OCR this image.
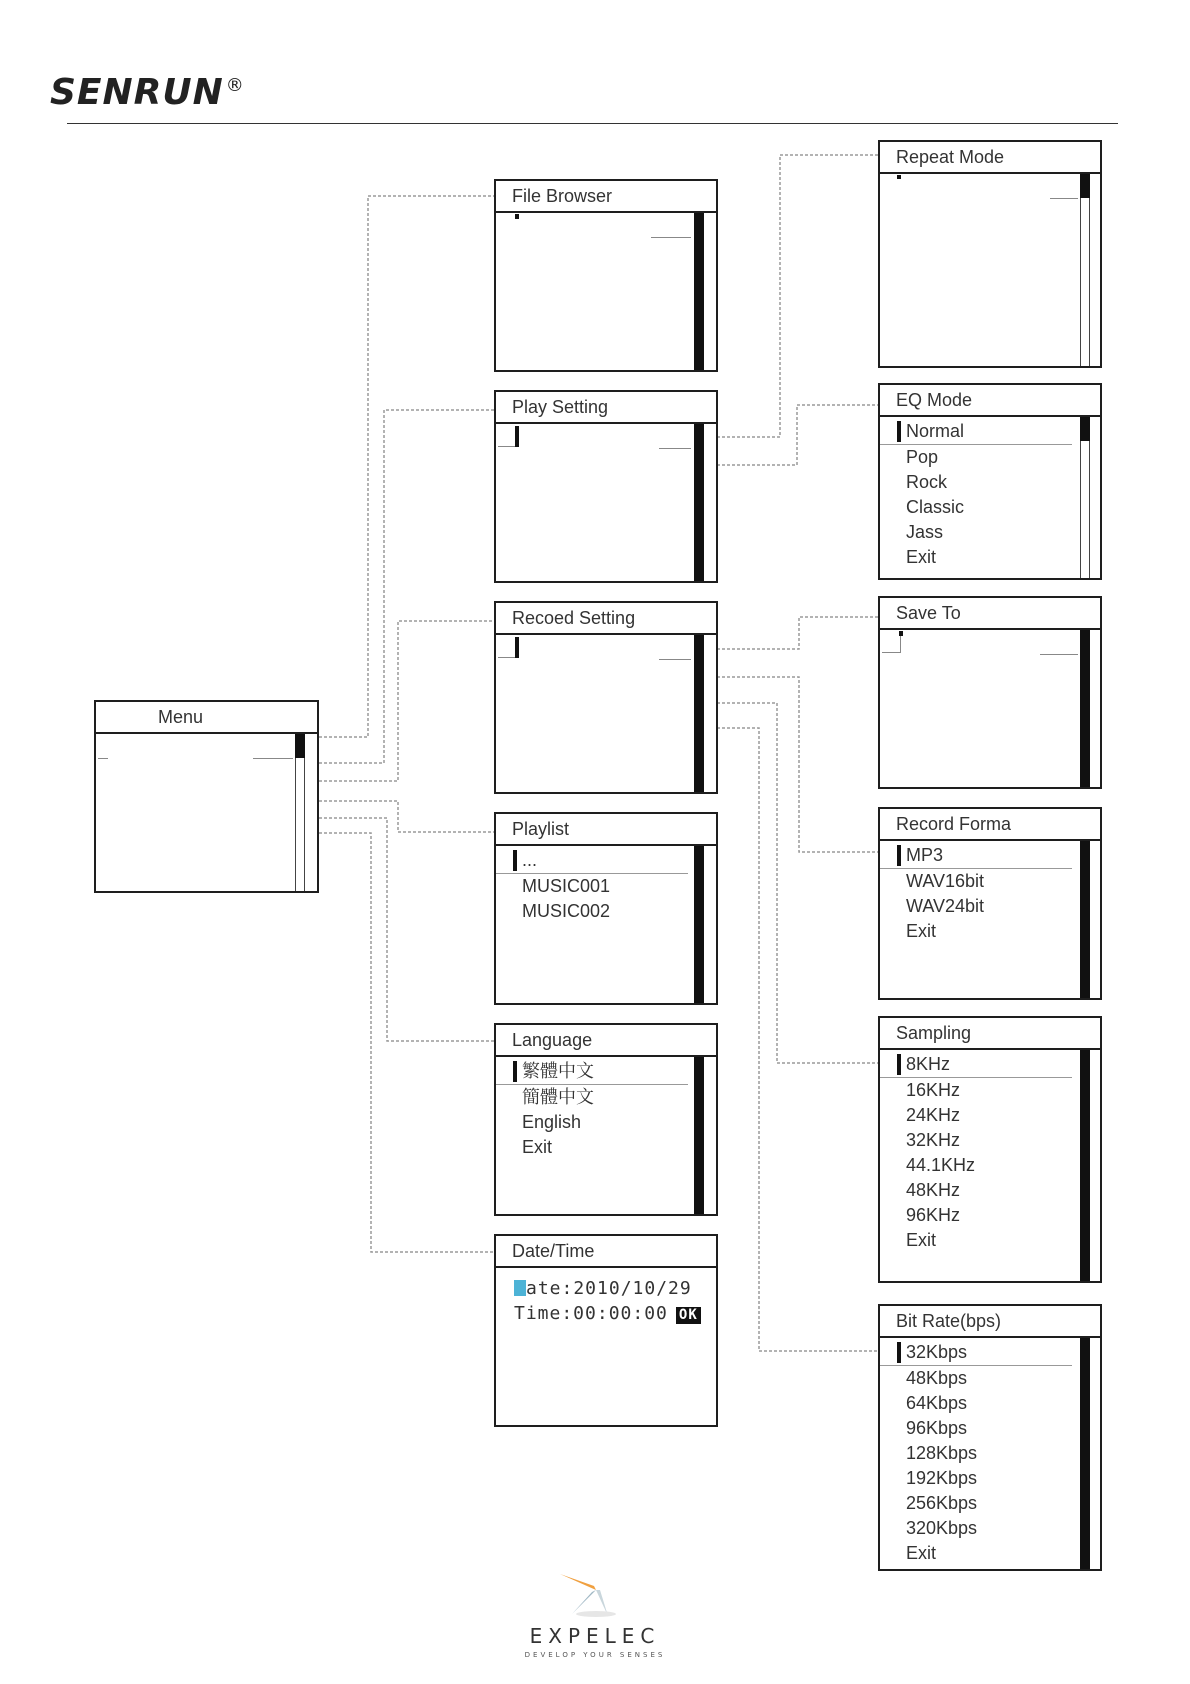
SENRUN ®
Menu
File Browser
Play Setting
Recoed Setting
Playlist
...
MUSIC001
MUSIC002
Language
繁體中文
簡體中文
English
Exit
Date/Time
ate:2010/10/29
Time:00:00:00 OK
Repeat Mode
EQ Mode
Normal
Pop
Rock
Classic
Jass
Exit
Save To
Record Forma
MP3
WAV16bit
WAV24bit
Exit
Sampling
8KHz
16KHz
24KHz
32KHz
44.1KHz
48KHz
96KHz
Exit
Bit Rate(bps)
32Kbps
48Kbps
64Kbps
96Kbps
128Kbps
192Kbps
256Kbps
320Kbps
Exit
EXPELEC
DEVELOP YOUR SENSES
